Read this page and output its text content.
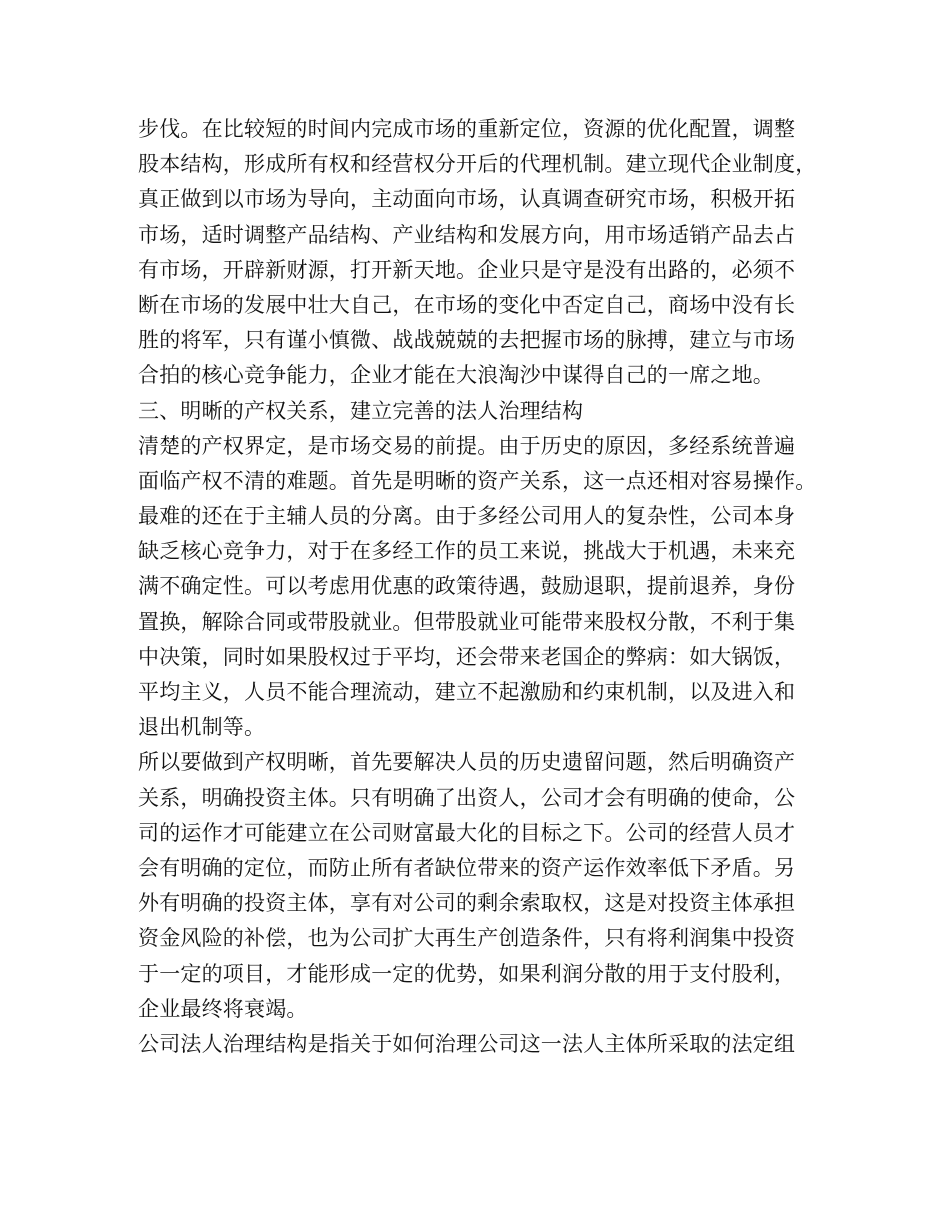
步伐。在比较短的时间内完成市场的重新定位，资源的优化配置，调整
股本结构，形成所有权和经营权分开后的代理机制。建立现代企业制度，
真正做到以市场为导向，主动面向市场，认真调查研究市场，积极开拓
市场，适时调整产品结构、产业结构和发展方向，用市场适销产品去占
有市场，开辟新财源，打开新天地。企业只是守是没有出路的，必须不
断在市场的发展中壮大自己，在市场的变化中否定自己，商场中没有长
胜的将军，只有谨小慎微、战战兢兢的去把握市场的脉搏，建立与市场
合拍的核心竞争能力，企业才能在大浪淘沙中谋得自己的一席之地。
三、明晰的产权关系，建立完善的法人治理结构
清楚的产权界定，是市场交易的前提。由于历史的原因，多经系统普遍
面临产权不清的难题。首先是明晰的资产关系，这一点还相对容易操作。
最难的还在于主辅人员的分离。由于多经公司用人的复杂性，公司本身
缺乏核心竞争力，对于在多经工作的员工来说，挑战大于机遇，未来充
满不确定性。可以考虑用优惠的政策待遇，鼓励退职，提前退养，身份
置换，解除合同或带股就业。但带股就业可能带来股权分散，不利于集
中决策，同时如果股权过于平均，还会带来老国企的弊病：如大锅饭，
平均主义，人员不能合理流动，建立不起激励和约束机制，以及进入和
退出机制等。
所以要做到产权明晰，首先要解决人员的历史遗留问题，然后明确资产
关系，明确投资主体。只有明确了出资人，公司才会有明确的使命，公
司的运作才可能建立在公司财富最大化的目标之下。公司的经营人员才
会有明确的定位，而防止所有者缺位带来的资产运作效率低下矛盾。另
外有明确的投资主体，享有对公司的剩余索取权，这是对投资主体承担
资金风险的补偿，也为公司扩大再生产创造条件，只有将利润集中投资
于一定的项目，才能形成一定的优势，如果利润分散的用于支付股利，
企业最终将衰竭。
公司法人治理结构是指关于如何治理公司这一法人主体所采取的法定组
